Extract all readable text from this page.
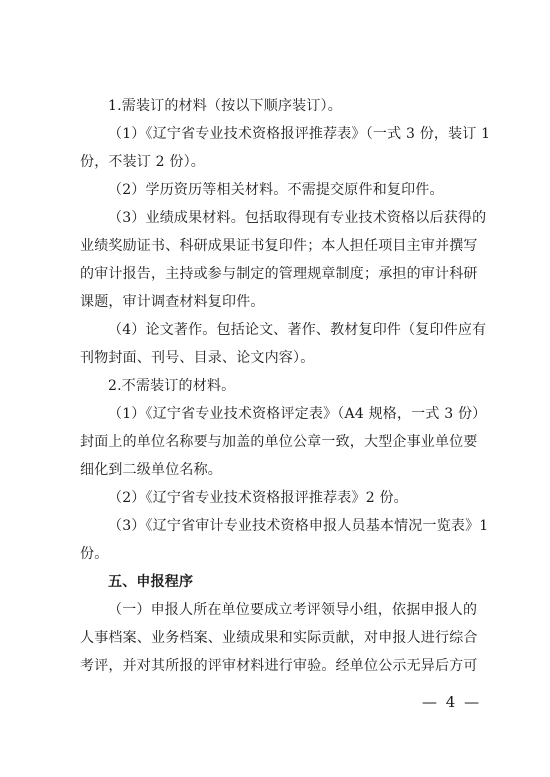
1.需装订的材料（按以下顺序装订）。
（1）《辽宁省专业技术资格报评推荐表》（一式 3 份，装订 1
份，不装订 2 份）。
（2）学历资历等相关材料。不需提交原件和复印件。
（3）业绩成果材料。包括取得现有专业技术资格以后获得的
业绩奖励证书、科研成果证书复印件；本人担任项目主审并撰写
的审计报告，主持或参与制定的管理规章制度；承担的审计科研
课题，审计调查材料复印件。
（4）论文著作。包括论文、著作、教材复印件（复印件应有
刊物封面、刊号、目录、论文内容）。
2.不需装订的材料。
（1）《辽宁省专业技术资格评定表》（A4 规格，一式 3 份）
封面上的单位名称要与加盖的单位公章一致，大型企事业单位要
细化到二级单位名称。
（2）《辽宁省专业技术资格报评推荐表》2 份。
（3）《辽宁省审计专业技术资格申报人员基本情况一览表》1
份。
五、申报程序
（一）申报人所在单位要成立考评领导小组，依据申报人的
人事档案、业务档案、业绩成果和实际贡献，对申报人进行综合
考评，并对其所报的评审材料进行审验。经单位公示无异后方可
— 4 —
